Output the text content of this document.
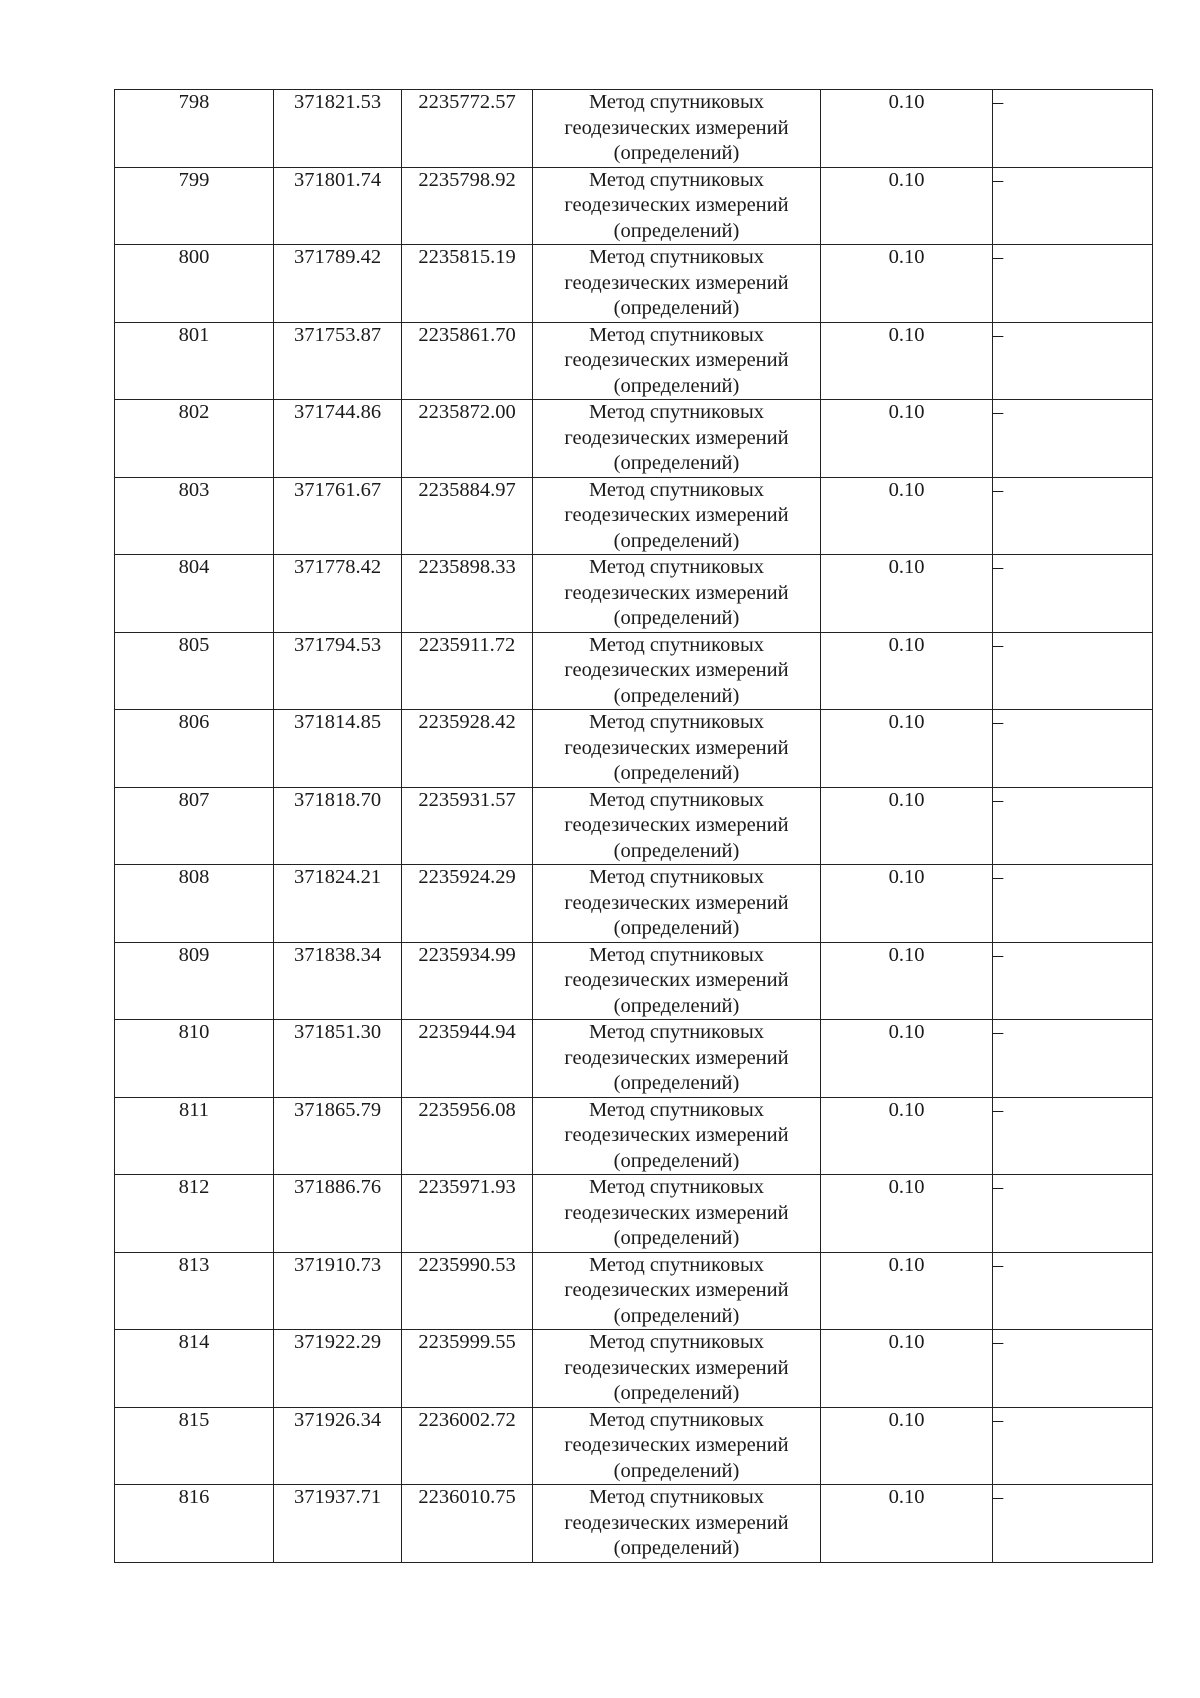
798	371821.53	2235772.57	Метод спутниковых
геодезических измерений
(определений)	0.10	–
799	371801.74	2235798.92	Метод спутниковых
геодезических измерений
(определений)	0.10	–
800	371789.42	2235815.19	Метод спутниковых
геодезических измерений
(определений)	0.10	–
801	371753.87	2235861.70	Метод спутниковых
геодезических измерений
(определений)	0.10	–
802	371744.86	2235872.00	Метод спутниковых
геодезических измерений
(определений)	0.10	–
803	371761.67	2235884.97	Метод спутниковых
геодезических измерений
(определений)	0.10	–
804	371778.42	2235898.33	Метод спутниковых
геодезических измерений
(определений)	0.10	–
805	371794.53	2235911.72	Метод спутниковых
геодезических измерений
(определений)	0.10	–
806	371814.85	2235928.42	Метод спутниковых
геодезических измерений
(определений)	0.10	–
807	371818.70	2235931.57	Метод спутниковых
геодезических измерений
(определений)	0.10	–
808	371824.21	2235924.29	Метод спутниковых
геодезических измерений
(определений)	0.10	–
809	371838.34	2235934.99	Метод спутниковых
геодезических измерений
(определений)	0.10	–
810	371851.30	2235944.94	Метод спутниковых
геодезических измерений
(определений)	0.10	–
811	371865.79	2235956.08	Метод спутниковых
геодезических измерений
(определений)	0.10	–
812	371886.76	2235971.93	Метод спутниковых
геодезических измерений
(определений)	0.10	–
813	371910.73	2235990.53	Метод спутниковых
геодезических измерений
(определений)	0.10	–
814	371922.29	2235999.55	Метод спутниковых
геодезических измерений
(определений)	0.10	–
815	371926.34	2236002.72	Метод спутниковых
геодезических измерений
(определений)	0.10	–
816	371937.71	2236010.75	Метод спутниковых
геодезических измерений
(определений)	0.10	–
